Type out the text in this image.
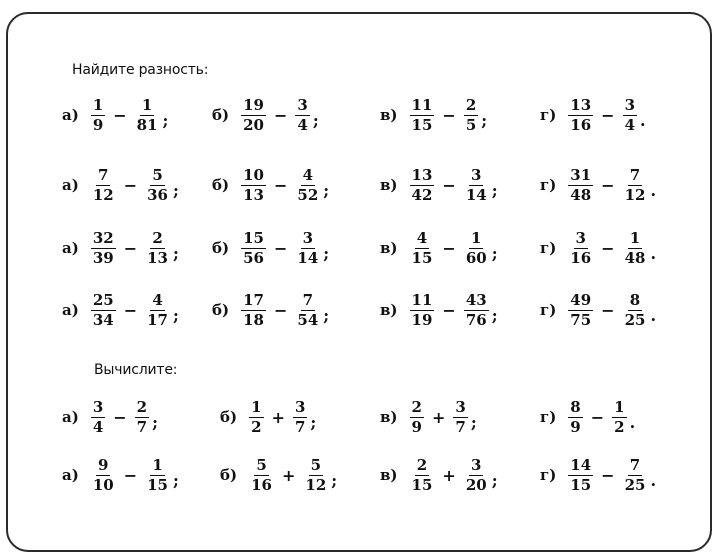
Найдите разность:
Вычислите:
$а) \frac{1}{9} - \frac{1}{81}$ ;	$б) \frac{19}{20} - \frac{3}{4}$ ;	$в) \frac{11}{15} - \frac{2}{5}$ ;	$г) \frac{13}{16} - \frac{3}{4}$ .
$а) \frac{7}{12} - \frac{5}{36}$ ; $б) \frac{10}{13} - \frac{4}{52}$ ;	$в) \frac{13}{42} - \frac{3}{14}$ ;	$г) \frac{31}{48} - \frac{7}{12}$ .
$а) \frac{32}{39} - \frac{2}{13}$ ; $б) \frac{15}{56} - \frac{3}{14}$ ;	$в) \frac{4}{15} - \frac{1}{60}$ ;	$г) \frac{3}{16} - \frac{1}{48}$ .
$а) \frac{25}{34} - \frac{4}{17}$ ; $б) \frac{17}{18} - \frac{7}{54}$ ;	$в) \frac{11}{19} - \frac{43}{76}$ ;	$г) \frac{49}{75} - \frac{8}{25}$ .
$а) \frac{3}{4} - \frac{2}{7}$ ;	$б) \frac{1}{2} + \frac{3}{7}$ ;	$в) \frac{2}{9} + \frac{3}{7}$ ;	$г) \frac{8}{9} - \frac{1}{2}$ .
$а) \frac{9}{10} - \frac{1}{15}$ ;	$б) \frac{5}{16} + \frac{5}{12}$ ;	$в) \frac{2}{15} + \frac{3}{20}$ ;	$г) \frac{14}{15} - \frac{7}{25}$ .
